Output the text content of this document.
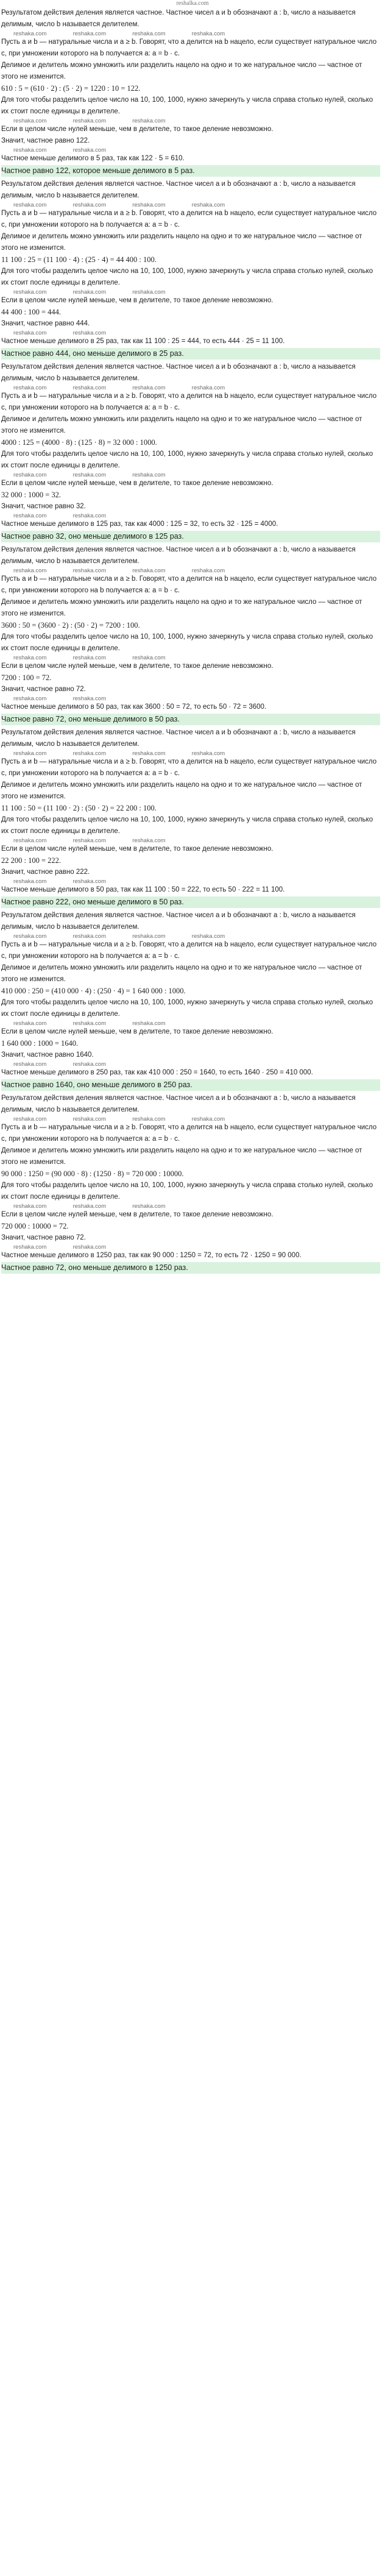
reshalka.com
Результатом действия деления является частное. Частное чисел a и b обозначают a : b, число a называется делимым, число b называется делителем.
reshaka.com	reshaka.com	reshaka.com	reshaka.com
Пусть a и b — натуральные числа и a ≥ b. Говорят, что a делится на b нацело, если существует натуральное число c, при умножении которого на b получается a: a = b · c.
Делимое и делитель можно умножить или разделить нацело на одно и то же натуральное число — частное от этого не изменится.
610 : 5 = (610 · 2) : (5 · 2) = 1220 : 10 = 122.
Для того чтобы разделить целое число на 10, 100, 1000, нужно зачеркнуть у числа справа столько нулей, сколько их стоит после единицы в делителе.
reshaka.com	reshaka.com	reshaka.com
Если в целом числе нулей меньше, чем в делителе, то такое деление невозможно.
Значит, частное равно 122.
reshaka.com	reshaka.com
Частное меньше делимого в 5 раз, так как 122 · 5 = 610.
Частное равно 122, которое меньше делимого в 5 раз.
Результатом действия деления является частное. Частное чисел a и b обозначают a : b, число a называется делимым, число b называется делителем.
reshaka.com	reshaka.com	reshaka.com	reshaka.com
Пусть a и b — натуральные числа и a ≥ b. Говорят, что a делится на b нацело, если существует натуральное число c, при умножении которого на b получается a: a = b · c.
Делимое и делитель можно умножить или разделить нацело на одно и то же натуральное число — частное от этого не изменится.
11 100 : 25 = (11 100 · 4) : (25 · 4) = 44 400 : 100.
Для того чтобы разделить целое число на 10, 100, 1000, нужно зачеркнуть у числа справа столько нулей, сколько их стоит после единицы в делителе.
reshaka.com	reshaka.com	reshaka.com
Если в целом числе нулей меньше, чем в делителе, то такое деление невозможно.
44 400 : 100 = 444.
Значит, частное равно 444.
reshaka.com	reshaka.com
Частное меньше делимого в 25 раз, так как 11 100 : 25 = 444, то есть 444 · 25 = 11 100.
Частное равно 444, оно меньше делимого в 25 раз.
Результатом действия деления является частное. Частное чисел a и b обозначают a : b, число a называется делимым, число b называется делителем.
reshaka.com	reshaka.com	reshaka.com	reshaka.com
Пусть a и b — натуральные числа и a ≥ b. Говорят, что a делится на b нацело, если существует натуральное число c, при умножении которого на b получается a: a = b · c.
Делимое и делитель можно умножить или разделить нацело на одно и то же натуральное число — частное от этого не изменится.
4000 : 125 = (4000 · 8) : (125 · 8) = 32 000 : 1000.
Для того чтобы разделить целое число на 10, 100, 1000, нужно зачеркнуть у числа справа столько нулей, сколько их стоит после единицы в делителе.
reshaka.com	reshaka.com	reshaka.com
Если в целом числе нулей меньше, чем в делителе, то такое деление невозможно.
32 000 : 1000 = 32.
Значит, частное равно 32.
reshaka.com	reshaka.com
Частное меньше делимого в 125 раз, так как 4000 : 125 = 32, то есть 32 · 125 = 4000.
Частное равно 32, оно меньше делимого в 125 раз.
Результатом действия деления является частное. Частное чисел a и b обозначают a : b, число a называется делимым, число b называется делителем.
reshaka.com	reshaka.com	reshaka.com	reshaka.com
Пусть a и b — натуральные числа и a ≥ b. Говорят, что a делится на b нацело, если существует натуральное число c, при умножении которого на b получается a: a = b · c.
Делимое и делитель можно умножить или разделить нацело на одно и то же натуральное число — частное от этого не изменится.
3600 : 50 = (3600 · 2) : (50 · 2) = 7200 : 100.
Для того чтобы разделить целое число на 10, 100, 1000, нужно зачеркнуть у числа справа столько нулей, сколько их стоит после единицы в делителе.
reshaka.com	reshaka.com	reshaka.com
Если в целом числе нулей меньше, чем в делителе, то такое деление невозможно.
7200 : 100 = 72.
Значит, частное равно 72.
reshaka.com	reshaka.com
Частное меньше делимого в 50 раз, так как 3600 : 50 = 72, то есть 50 · 72 = 3600.
Частное равно 72, оно меньше делимого в 50 раз.
Результатом действия деления является частное. Частное чисел a и b обозначают a : b, число a называется делимым, число b называется делителем.
reshaka.com	reshaka.com	reshaka.com	reshaka.com
Пусть a и b — натуральные числа и a ≥ b. Говорят, что a делится на b нацело, если существует натуральное число c, при умножении которого на b получается a: a = b · c.
Делимое и делитель можно умножить или разделить нацело на одно и то же натуральное число — частное от этого не изменится.
11 100 : 50 = (11 100 · 2) : (50 · 2) = 22 200 : 100.
Для того чтобы разделить целое число на 10, 100, 1000, нужно зачеркнуть у числа справа столько нулей, сколько их стоит после единицы в делителе.
reshaka.com	reshaka.com	reshaka.com
Если в целом числе нулей меньше, чем в делителе, то такое деление невозможно.
22 200 : 100 = 222.
Значит, частное равно 222.
reshaka.com	reshaka.com
Частное меньше делимого в 50 раз, так как 11 100 : 50 = 222, то есть 50 · 222 = 11 100.
Частное равно 222, оно меньше делимого в 50 раз.
Результатом действия деления является частное. Частное чисел a и b обозначают a : b, число a называется делимым, число b называется делителем.
reshaka.com	reshaka.com	reshaka.com	reshaka.com
Пусть a и b — натуральные числа и a ≥ b. Говорят, что a делится на b нацело, если существует натуральное число c, при умножении которого на b получается a: a = b · c.
Делимое и делитель можно умножить или разделить нацело на одно и то же натуральное число — частное от этого не изменится.
410 000 : 250 = (410 000 · 4) : (250 · 4) = 1 640 000 : 1000.
Для того чтобы разделить целое число на 10, 100, 1000, нужно зачеркнуть у числа справа столько нулей, сколько их стоит после единицы в делителе.
reshaka.com	reshaka.com	reshaka.com
Если в целом числе нулей меньше, чем в делителе, то такое деление невозможно.
1 640 000 : 1000 = 1640.
Значит, частное равно 1640.
reshaka.com	reshaka.com
Частное меньше делимого в 250 раз, так как 410 000 : 250 = 1640, то есть 1640 · 250 = 410 000.
Частное равно 1640, оно меньше делимого в 250 раз.
Результатом действия деления является частное. Частное чисел a и b обозначают a : b, число a называется делимым, число b называется делителем.
reshaka.com	reshaka.com	reshaka.com	reshaka.com
Пусть a и b — натуральные числа и a ≥ b. Говорят, что a делится на b нацело, если существует натуральное число c, при умножении которого на b получается a: a = b · c.
Делимое и делитель можно умножить или разделить нацело на одно и то же натуральное число — частное от этого не изменится.
90 000 : 1250 = (90 000 · 8) : (1250 · 8) = 720 000 : 10000.
Для того чтобы разделить целое число на 10, 100, 1000, нужно зачеркнуть у числа справа столько нулей, сколько их стоит после единицы в делителе.
reshaka.com	reshaka.com	reshaka.com
Если в целом числе нулей меньше, чем в делителе, то такое деление невозможно.
720 000 : 10000 = 72.
Значит, частное равно 72.
reshaka.com	reshaka.com
Частное меньше делимого в 1250 раз, так как 90 000 : 1250 = 72, то есть 72 · 1250 = 90 000.
Частное равно 72, оно меньше делимого в 1250 раз.
